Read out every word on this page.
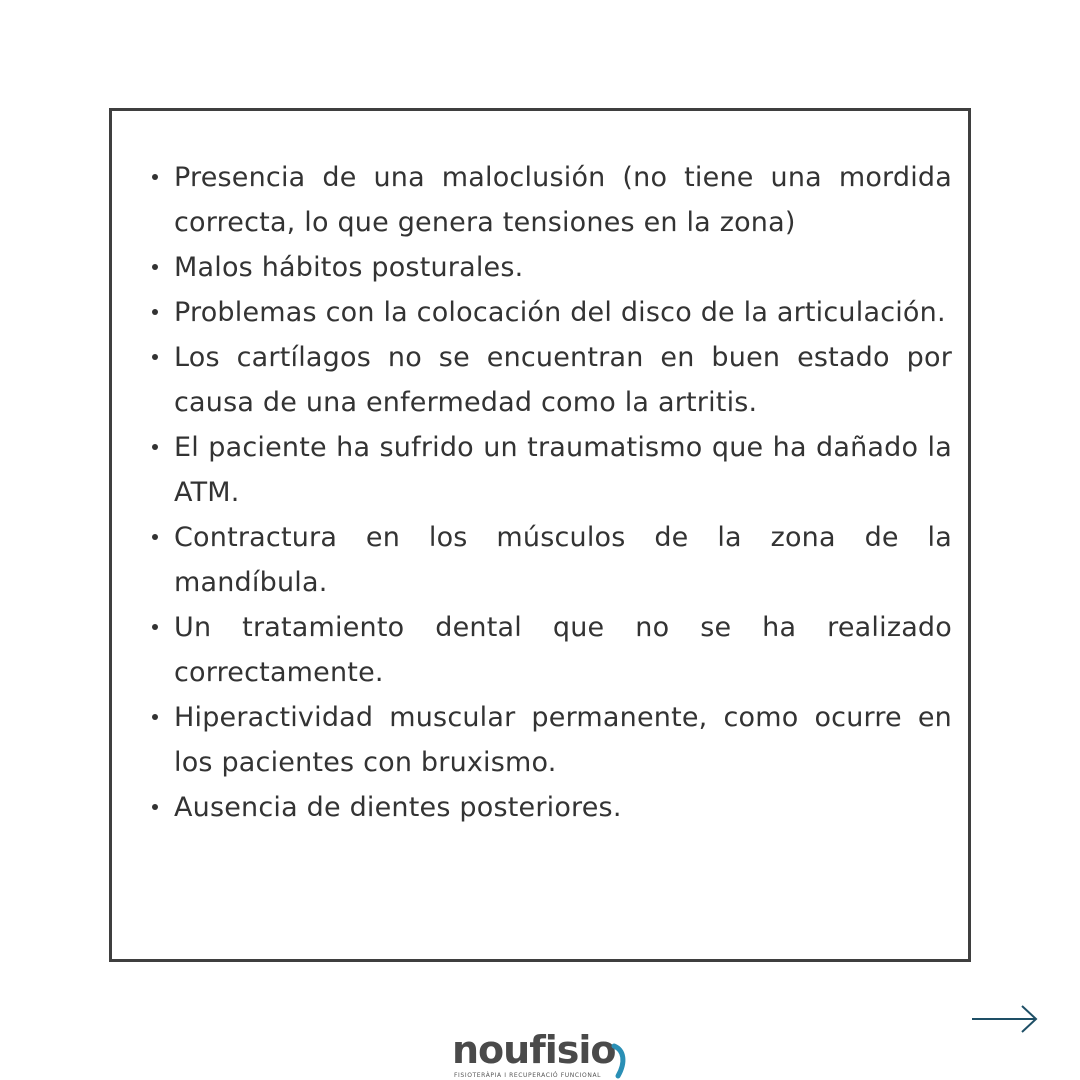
Presencia de una maloclusión (no tiene una mordida correcta, lo que genera tensiones en la zona)
Malos hábitos posturales.
Problemas con la colocación del disco de la articulación.
Los cartílagos no se encuentran en buen estado por causa de una enfermedad como la artritis.
El paciente ha sufrido un traumatismo que ha dañado la ATM.
Contractura en los músculos de la zona de la mandíbula.
Un tratamiento dental que no se ha realizado correctamente.
Hiperactividad muscular permanente, como ocurre en los pacientes con bruxismo.
Ausencia de dientes posteriores.
noufisio
FISIOTERÀPIA I RECUPERACIÓ FUNCIONAL
